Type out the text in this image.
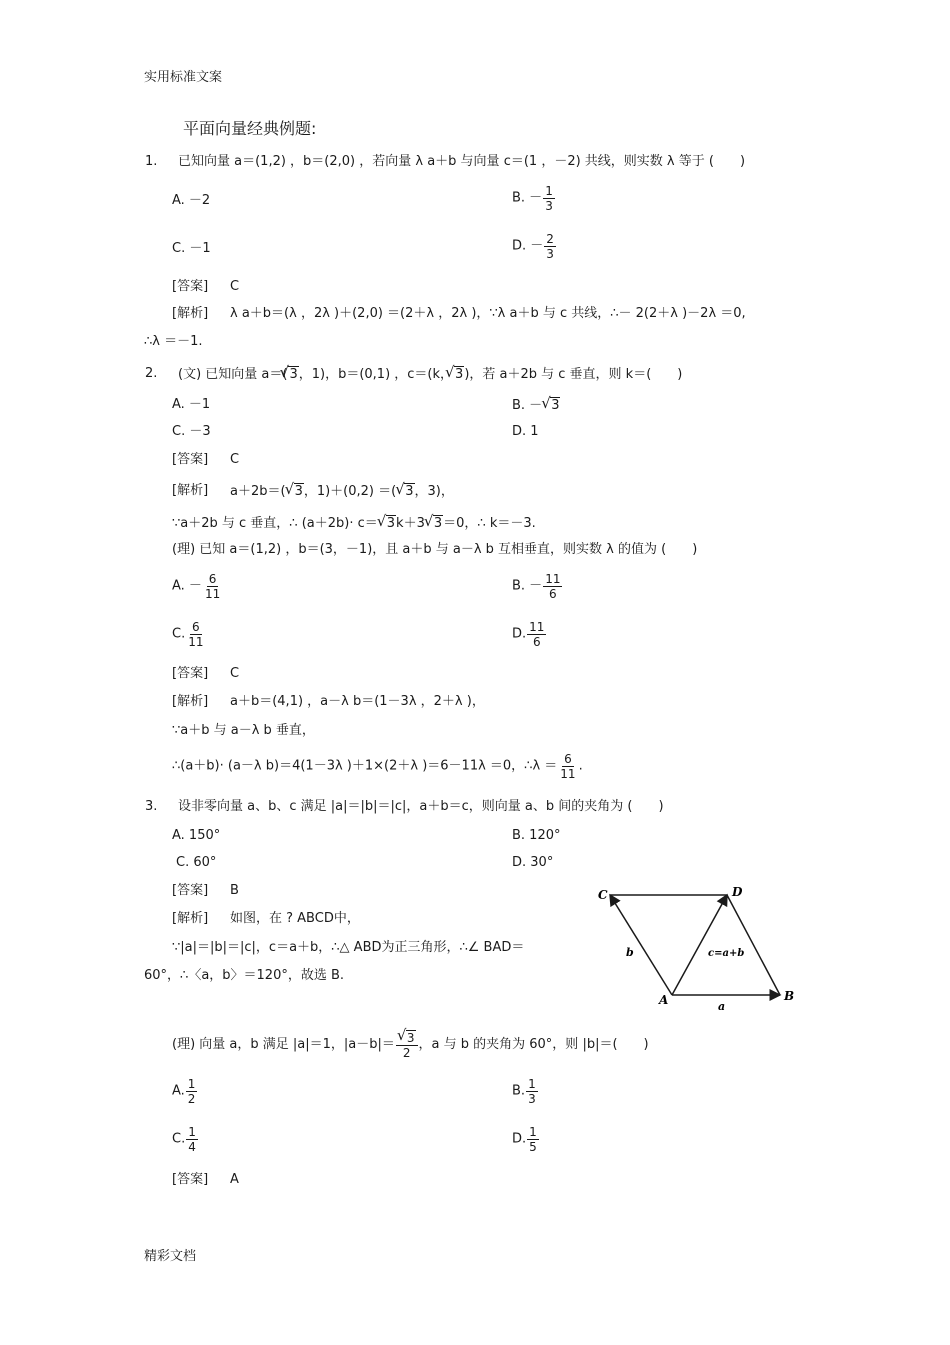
实用标准文案
平面向量经典例题:
1. 已知向量 a＝(1,2) ，b＝(2,0) ，若向量 λ a＋b 与向量 c＝(1 ，－2) 共线，则实数 λ 等于 (　　)
A. －2	B. － $\frac{1}{3}$
C. －1	D. － $\frac{2}{3}$
[答案] C
[解析] λ a＋b＝(λ ，2λ )＋(2,0) ＝(2＋λ ，2λ )，∵λ a＋b 与 c 共线，∴－ 2(2＋λ )－2λ ＝0,
∴λ ＝－1.
2. (文) 已知向量 a＝( √ 3，1)，b＝(0,1) ，c＝(k， √ 3)，若 a＋2b 与 c 垂直，则 k＝(　　)
A. －1	B. － √ 3
C. －3	D. 1
[答案] C
[解析] a＋2b＝( √ 3，1)＋(0,2) ＝( √ 3，3)，
∵a＋2b 与 c 垂直，∴ (a＋2b)· c＝ √ 3k＋3 √ 3＝0，∴ k＝－3.
(理) 已知 a＝(1,2) ，b＝(3，－1)，且 a＋b 与 a－λ b 互相垂直，则实数 λ 的值为 (　　)
A. － $\frac{6}{11}$	B. － $\frac{11}{6}$
C. $\frac{6}{11}$	D. $\frac{11}{6}$
[答案] C
[解析] a＋b＝(4,1) ，a－λ b＝(1－3λ ，2＋λ )，
∵a＋b 与 a－λ b 垂直，
∴(a＋b)· (a－λ b)＝4(1－3λ )＋1×(2＋λ )＝6－11λ ＝0，∴λ ＝ $\frac{6}{11}$ .
3. 设非零向量 a、b、c 满足 |a|＝|b|＝|c|，a＋b＝c，则向量 a、b 间的夹角为 (　　)
A. 150°	B. 120°
C. 60°	D. 30°
[答案] B
[解析] 如图，在 ? ABCD中，
∵|a|＝|b|＝|c|，c＝a＋b，∴△ ABD为正三角形，∴∠ BAD＝
60°，∴〈a，b〉＝120°，故选 B.
C	D
A	B
b
a
c=a+b
(理) 向量 a，b 满足 |a|＝1，|a－b|＝ √ $\frac{3}{2}$ ，a 与 b 的夹角为 60°，则 |b|＝(　　)
A. $\frac{1}{2}$	B. $\frac{1}{3}$
C. $\frac{1}{4}$	D. $\frac{1}{5}$
[答案] A
精彩文档
